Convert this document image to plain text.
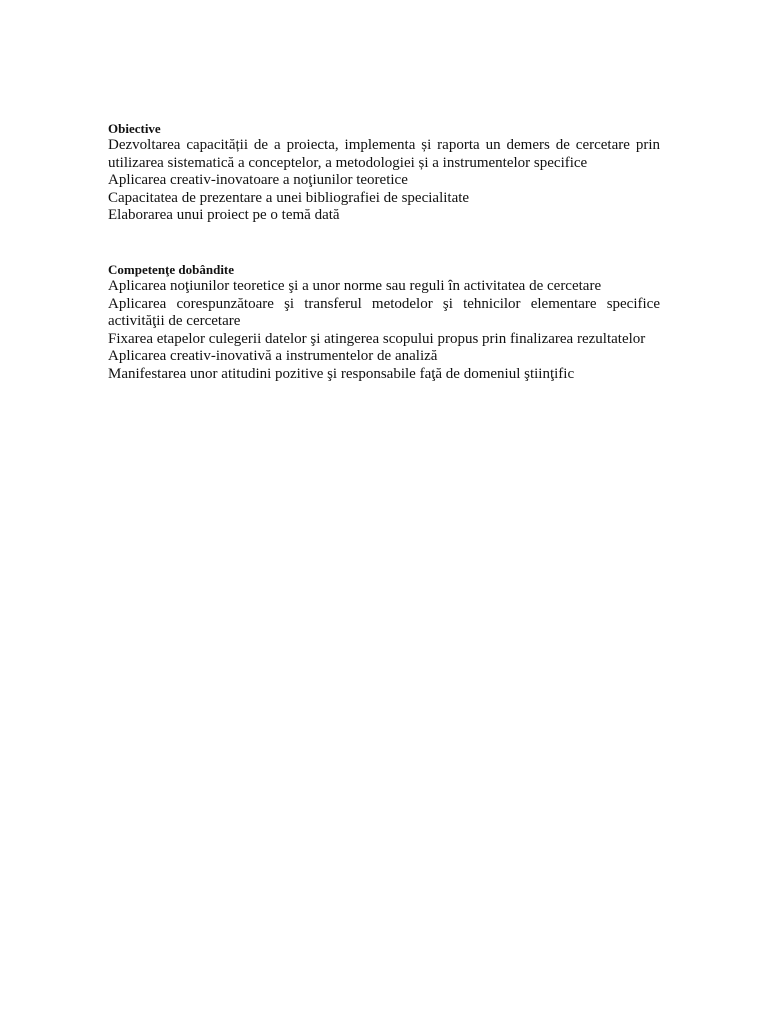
Obiective

Dezvoltarea capacității de a proiecta, implementa și raporta un demers de cercetare prin utilizarea sistematică a conceptelor, a metodologiei și a instrumentelor specifice

Aplicarea creativ-inovatoare a noţiunilor teoretice

Capacitatea de prezentare a unei bibliografiei de specialitate

Elaborarea unui proiect pe o temă dată

Competenţe dobândite

Aplicarea noţiunilor teoretice şi a unor norme sau reguli în activitatea de cercetare

Aplicarea corespunzătoare şi transferul metodelor şi tehnicilor elementare specifice activităţii de cercetare

Fixarea etapelor culegerii datelor şi atingerea scopului propus prin finalizarea rezultatelor

Aplicarea creativ-inovativă a instrumentelor de analiză

Manifestarea unor atitudini pozitive şi responsabile faţă de domeniul ştiinţific
